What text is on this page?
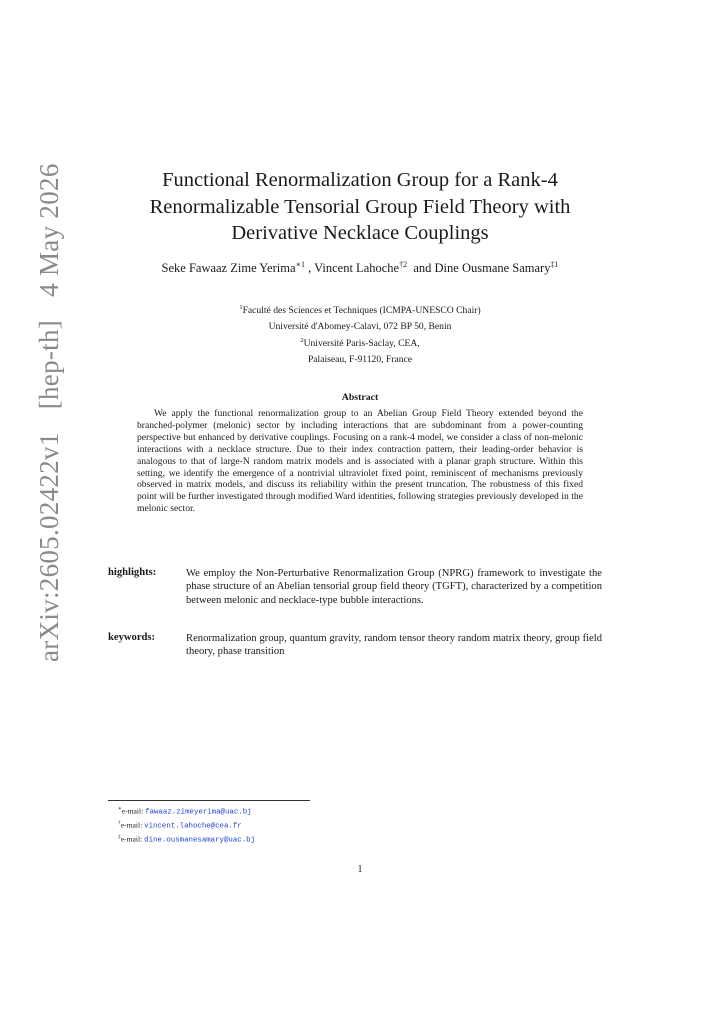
arXiv:2605.02422v1 [hep-th] 4 May 2026	Functional Renormalization Group for a Rank-4
Renormalizable Tensorial Group Field Theory with
Derivative Necklace Couplings
Seke Fawaaz Zime Yerima$^{∗1}$ , Vincent Lahoche$^{\dagger 2}$  and Dine Ousmane Samary$^{\ddagger 1}$
$^1$Faculté des Sciences et Techniques (ICMPA-UNESCO Chair)
Université d'Abomey-Calavi, 072 BP 50, Benin
$^2$Université Paris-Saclay, CEA,
Palaiseau, F-91120, France
Abstract
We apply the functional renormalization group to an Abelian Group Field Theory extended beyond the branched-polymer (melonic) sector by including interactions that are subdominant from a power-counting perspective but enhanced by derivative couplings. Focusing on a rank-4 model, we consider a class of non-melonic interactions with a necklace structure. Due to their index contraction pattern, their leading-order behavior is analogous to that of large-N random matrix models and is associated with a planar graph structure. Within this setting, we identify the emergence of a nontrivial ultraviolet fixed point, reminiscent of mechanisms previously observed in matrix models, and discuss its reliability within the present truncation. The robustness of this fixed point will be further investigated through modified Ward identities, following strategies previously developed in the melonic sector.
highlights:	We employ the Non-Perturbative Renormalization Group (NPRG) framework to investigate the phase structure of an Abelian tensorial group field theory (TGFT), characterized by a competition between melonic and necklace-type bubble interactions.
keywords:	Renormalization group, quantum gravity, random tensor theory random matrix theory, group field theory, phase transition
∗e-mail: fawaaz.zimeyerima@uac.bj
†e-mail: vincent.lahoche@cea.fr
‡e-mail: dine.ousmanesamary@uac.bj
1
